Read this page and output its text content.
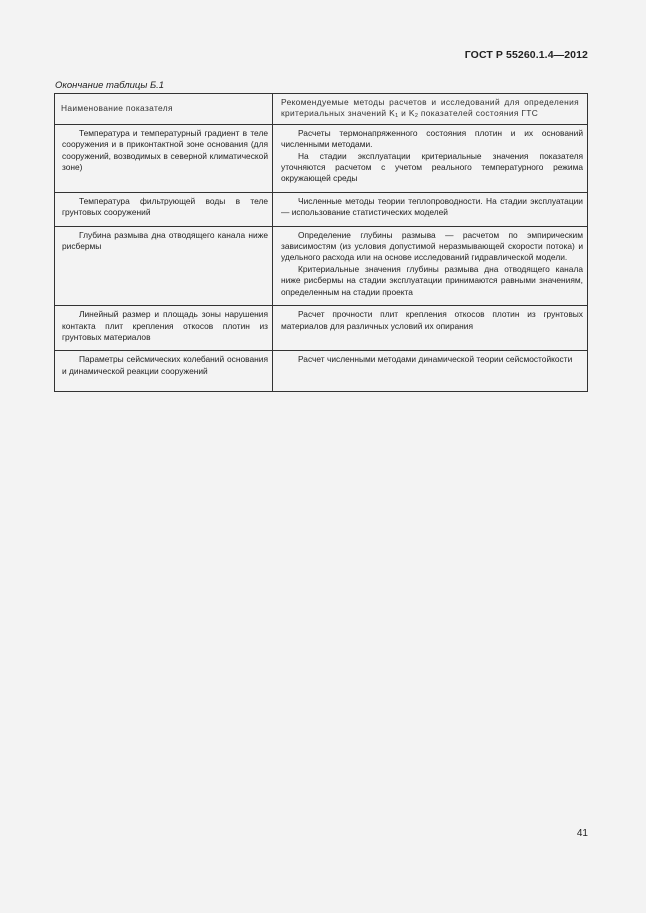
ГОСТ Р 55260.1.4—2012
Окончание таблицы Б.1
Наименование показателя	Рекомендуемые методы расчетов и исследований для определения критериальных значений $K_1$ и $K_2$ показателей состояния ГТС

Температура и температурный градиент в теле сооружения и в приконтактной зоне основания (для сооружений, возводимых в северной климатической зоне)	Расчеты термонапряженного состояния плотин и их оснований численными методами.

На стадии эксплуатации критериальные значения показателя уточняются расчетом с учетом реального температурного режима окружающей среды

Температура фильтрующей воды в теле грунтовых сооружений	Численные методы теории теплопроводности. На стадии эксплуатации — использование статистических моделей

Глубина размыва дна отводящего канала ниже рисбермы	Определение глубины размыва — расчетом по эмпирическим зависимостям (из условия допустимой неразмывающей скорости потока) и удельного расхода или на основе исследований гидравлической модели.

Критериальные значения глубины размыва дна отводящего канала ниже рисбермы на стадии эксплуатации принимаются равными значениям, определенным на стадии проекта

Линейный размер и площадь зоны нарушения контакта плит крепления откосов плотин из грунтовых материалов	Расчет прочности плит крепления откосов плотин из грунтовых материалов для различных условий их опирания

Параметры сейсмических колебаний основания и динамической реакции сооружений	Расчет численными методами динамической теории сейсмостойкости

41
